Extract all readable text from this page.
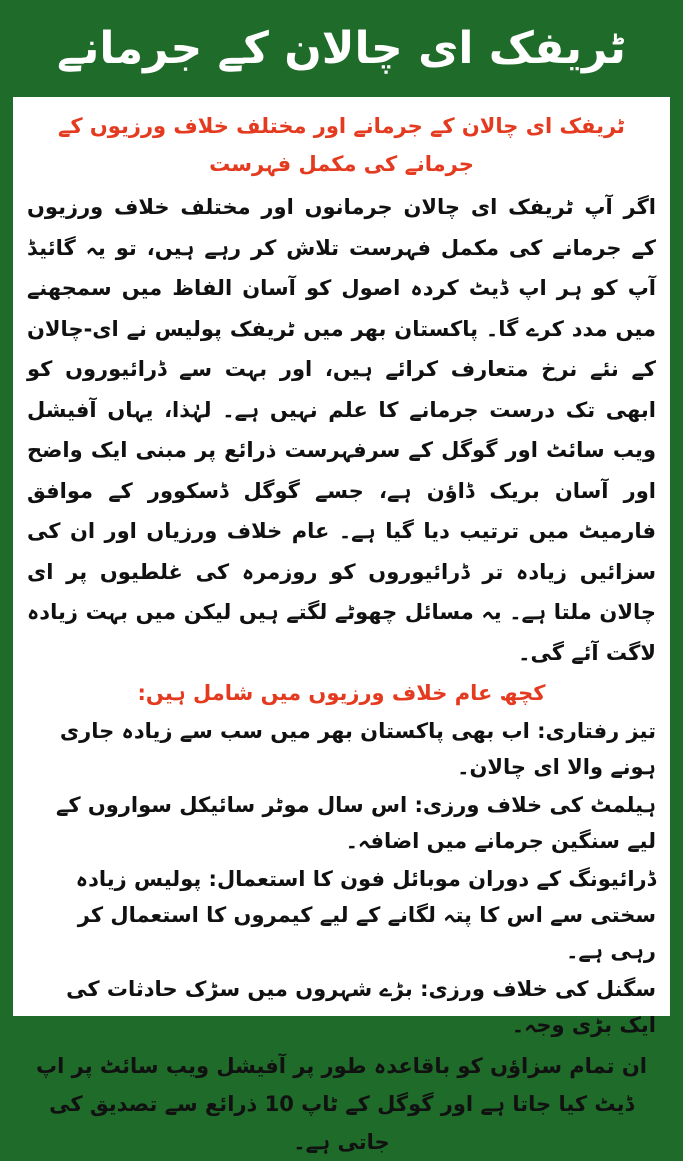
ٹریفک ای چالان کے جرمانے

ٹریفک ای چالان کے جرمانے اور مختلف خلاف ورزیوں کے جرمانے کی مکمل فہرست

اگر آپ ٹریفک ای چالان جرمانوں اور مختلف خلاف ورزیوں کے جرمانے کی مکمل فہرست تلاش کر رہے ہیں، تو یہ گائیڈ آپ کو ہر اپ ڈیٹ کردہ اصول کو آسان الفاظ میں سمجھنے میں مدد کرے گا۔ پاکستان بھر میں ٹریفک پولیس نے ای-چالان کے نئے نرخ متعارف کرائے ہیں، اور بہت سے ڈرائیوروں کو ابھی تک درست جرمانے کا علم نہیں ہے۔ لہٰذا، یہاں آفیشل ویب سائٹ اور گوگل کے سرفہرست ذرائع پر مبنی ایک واضح اور آسان بریک ڈاؤن ہے، جسے گوگل ڈسکوور کے موافق فارمیٹ میں ترتیب دیا گیا ہے۔ عام خلاف ورزیاں اور ان کی سزائیں زیادہ تر ڈرائیوروں کو روزمرہ کی غلطیوں پر ای چالان ملتا ہے۔ یہ مسائل چھوٹے لگتے ہیں لیکن میں بہت زیادہ لاگت آئے گی۔

کچھ عام خلاف ورزیوں میں شامل ہیں:

تیز رفتاری: اب بھی پاکستان بھر میں سب سے زیادہ جاری ہونے والا ای چالان۔

ہیلمٹ کی خلاف ورزی: اس سال موٹر سائیکل سواروں کے لیے سنگین جرمانے میں اضافہ۔

ڈرائیونگ کے دوران موبائل فون کا استعمال: پولیس زیادہ سختی سے اس کا پتہ لگانے کے لیے کیمروں کا استعمال کر رہی ہے۔

سگنل کی خلاف ورزی: بڑے شہروں میں سڑک حادثات کی ایک بڑی وجہ۔

ان تمام سزاؤں کو باقاعدہ طور پر آفیشل ویب سائٹ پر اپ ڈیٹ کیا جاتا ہے اور گوگل کے ٹاپ 10 ذرائع سے تصدیق کی جاتی ہے۔
